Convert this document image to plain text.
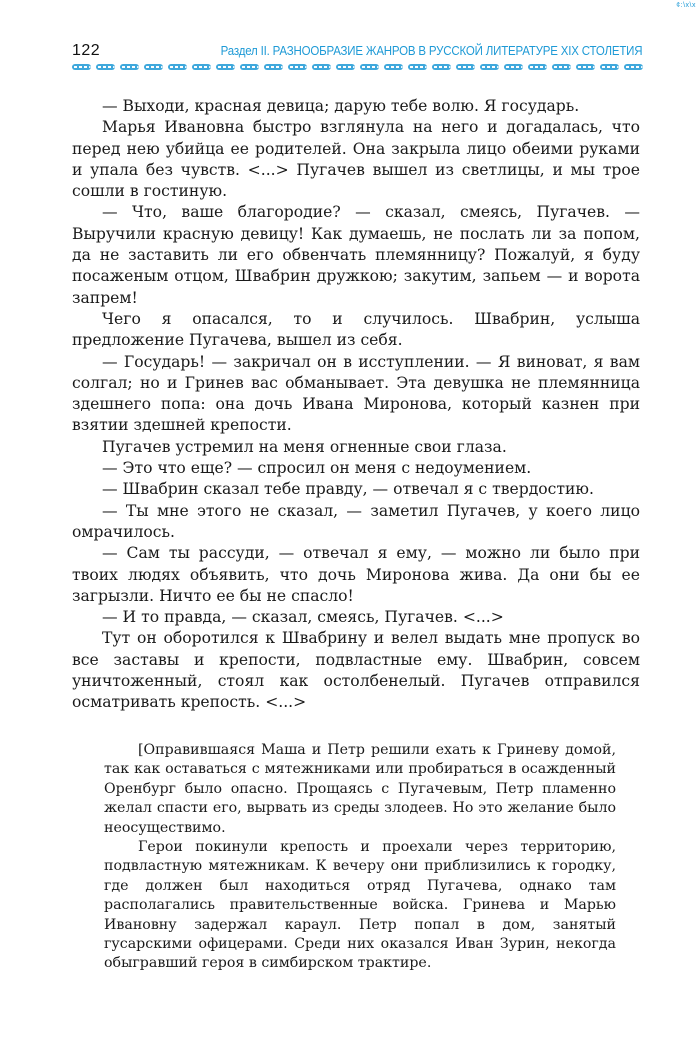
¢:\x\x
122	Раздел II. РАЗНООБРАЗИЕ ЖАНРОВ В РУССКОЙ ЛИТЕРАТУРЕ XIX СТОЛЕТИЯ

— Выходи, красная девица; дарую тебе волю. Я государь.

Марья Ивановна быстро взглянула на него и догадалась, что перед нею убийца ее родителей. Она закрыла лицо обеими руками и упала без чувств. <...> Пугачев вышел из светлицы, и мы трое сошли в гостиную.

— Что, ваше благородие? — сказал, смеясь, Пугачев. — Выручили красную девицу! Как думаешь, не послать ли за попом, да не заставить ли его обвенчать племянницу? Пожалуй, я буду посаженым отцом, Швабрин дружкою; закутим, запьем — и ворота запрем!

Чего я опасался, то и случилось. Швабрин, услыша предложение Пугачева, вышел из себя.

— Государь! — закричал он в исступлении. — Я виноват, я вам солгал; но и Гринев вас обманывает. Эта девушка не племянница здешнего попа: она дочь Ивана Миронова, который казнен при взятии здешней крепости.

Пугачев устремил на меня огненные свои глаза.

— Это что еще? — спросил он меня с недоумением.

— Швабрин сказал тебе правду, — отвечал я с твердостию.

— Ты мне этого не сказал, — заметил Пугачев, у коего лицо омрачилось.

— Сам ты рассуди, — отвечал я ему, — можно ли было при твоих людях объявить, что дочь Миронова жива. Да они бы ее загрызли. Ничто ее бы не спасло!

— И то правда, — сказал, смеясь, Пугачев. <...>

Тут он оборотился к Швабрину и велел выдать мне пропуск во все заставы и крепости, подвластные ему. Швабрин, совсем уничтоженный, стоял как остолбенелый. Пугачев отправился осматривать крепость. <...>

[Оправившаяся Маша и Петр решили ехать к Гриневу домой, так как оставаться с мятежниками или пробираться в осажденный Оренбург было опасно. Прощаясь с Пугачевым, Петр пламенно желал спасти его, вырвать из среды злодеев. Но это желание было неосуществимо.

Герои покинули крепость и проехали через территорию, подвластную мятежникам. К вечеру они приблизились к городку, где должен был находиться отряд Пугачева, однако там располагались правительственные войска. Гринева и Марью Ивановну задержал караул. Петр попал в дом, занятый гусарскими офицерами. Среди них оказался Иван Зурин, некогда обыгравший героя в симбирском трактире.
